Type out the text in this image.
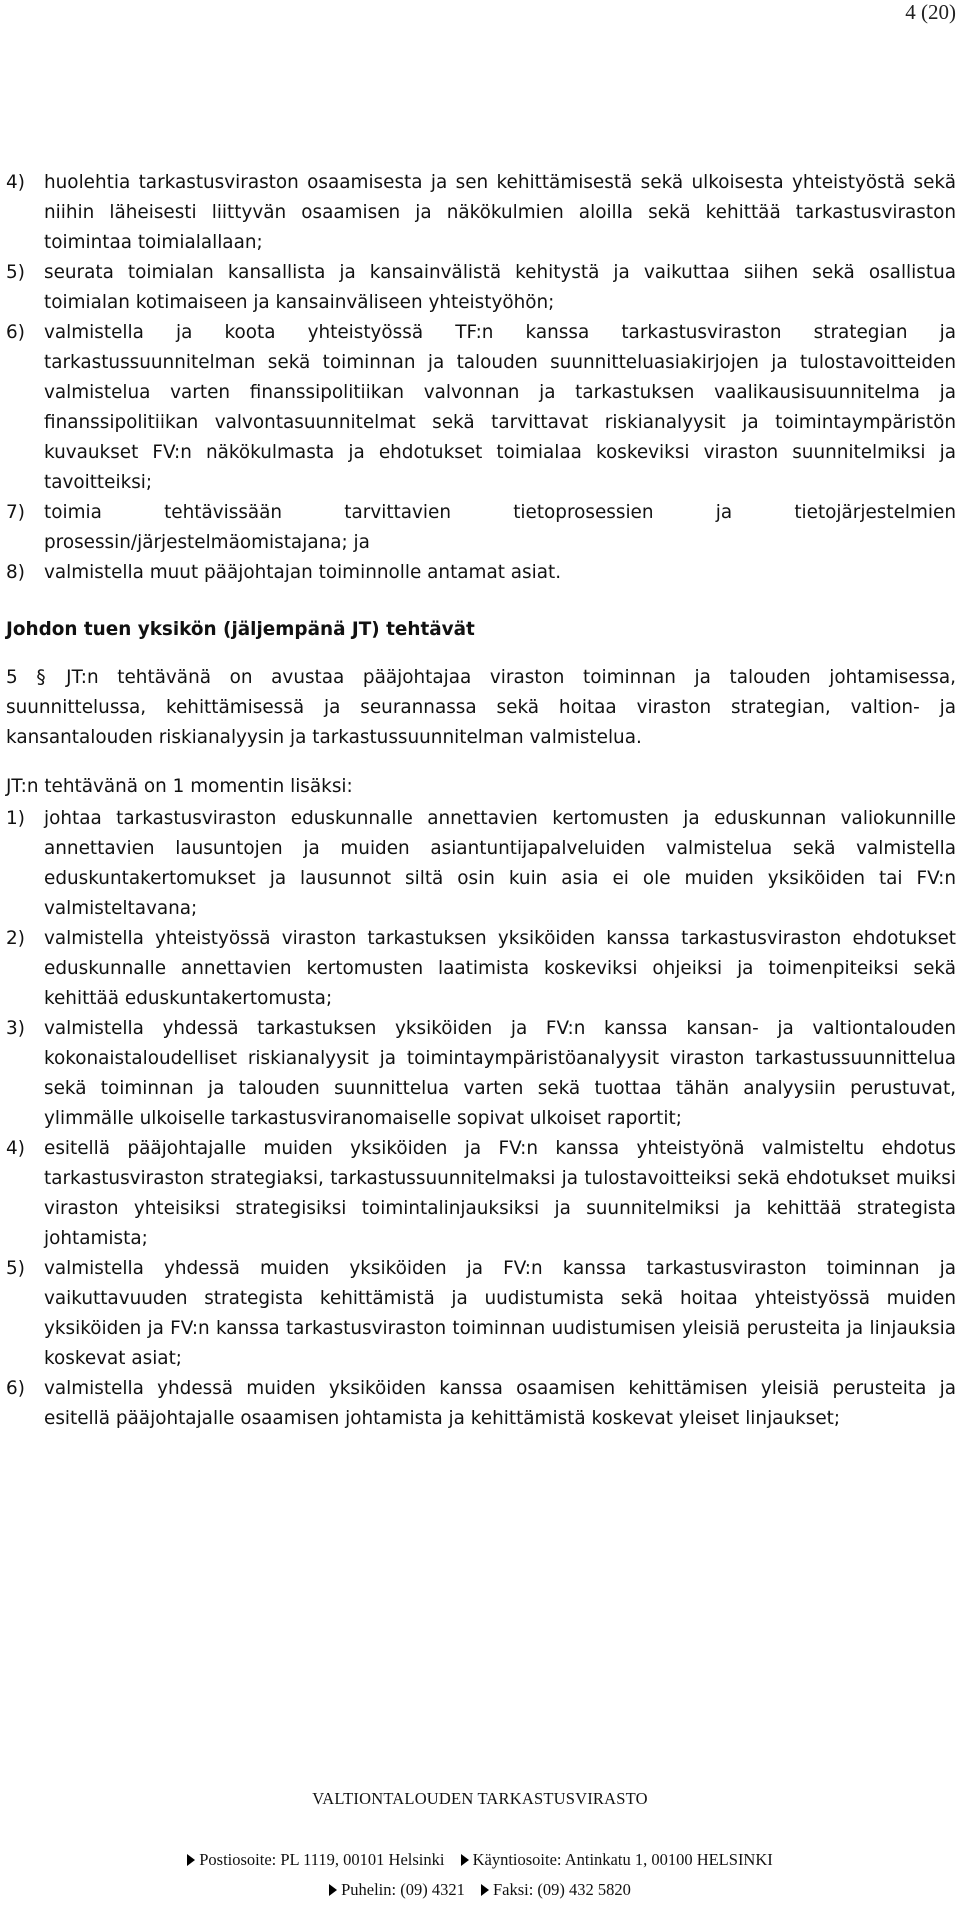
4 (20)
4) huolehtia tarkastusviraston osaamisesta ja sen kehittämisestä sekä ulkoisesta yhteistyöstä sekä niihin läheisesti liittyvän osaamisen ja näkökulmien aloilla sekä kehittää tarkastusviraston toimintaa toimialallaan;
5) seurata toimialan kansallista ja kansainvälistä kehitystä ja vaikuttaa siihen sekä osallistua toimialan kotimaiseen ja kansainväliseen yhteistyöhön;
6) valmistella ja koota yhteistyössä TF:n kanssa tarkastusviraston strategian ja tarkastussuunnitelman sekä toiminnan ja talouden suunnitteluasiakirjojen ja tulostavoitteiden valmistelua varten finanssipolitiikan valvonnan ja tarkastuksen vaalikausisuunnitelma ja finanssipolitiikan valvontasuunnitelmat sekä tarvittavat riskianalyysit ja toimintaympäristön kuvaukset FV:n näkökulmasta ja ehdotukset toimialaa koskeviksi viraston suunnitelmiksi ja tavoitteiksi;
7) toimia tehtävissään tarvittavien tietoprosessien ja tietojärjestelmien prosessin/järjestelmäomistajana; ja
8) valmistella muut pääjohtajan toiminnolle antamat asiat.
Johdon tuen yksikön (jäljempänä JT) tehtävät
5 § JT:n tehtävänä on avustaa pääjohtajaa viraston toiminnan ja talouden johtamisessa, suunnittelussa, kehittämisessä ja seurannassa sekä hoitaa viraston strategian, valtion- ja kansantalouden riskianalyysin ja tarkastussuunnitelman valmistelua.
JT:n tehtävänä on 1 momentin lisäksi:
1) johtaa tarkastusviraston eduskunnalle annettavien kertomusten ja eduskunnan valiokunnille annettavien lausuntojen ja muiden asiantuntijapalveluiden valmistelua sekä valmistella eduskuntakertomukset ja lausunnot siltä osin kuin asia ei ole muiden yksiköiden tai FV:n valmisteltavana;
2) valmistella yhteistyössä viraston tarkastuksen yksiköiden kanssa tarkastusviraston ehdotukset eduskunnalle annettavien kertomusten laatimista koskeviksi ohjeiksi ja toimenpiteiksi sekä kehittää eduskuntakertomusta;
3) valmistella yhdessä tarkastuksen yksiköiden ja FV:n kanssa kansan- ja valtiontalouden kokonaistaloudelliset riskianalyysit ja toimintaympäristöanalyysit viraston tarkastussuunnittelua sekä toiminnan ja talouden suunnittelua varten sekä tuottaa tähän analyysiin perustuvat, ylimmälle ulkoiselle tarkastusviranomaiselle sopivat ulkoiset raportit;
4) esitellä pääjohtajalle muiden yksiköiden ja FV:n kanssa yhteistyönä valmisteltu ehdotus tarkastusviraston strategiaksi, tarkastussuunnitelmaksi ja tulostavoitteiksi sekä ehdotukset muiksi viraston yhteisiksi strategisiksi toimintalinjauksiksi ja suunnitelmiksi ja kehittää strategista johtamista;
5) valmistella yhdessä muiden yksiköiden ja FV:n kanssa tarkastusviraston toiminnan ja vaikuttavuuden strategista kehittämistä ja uudistumista sekä hoitaa yhteistyössä muiden yksiköiden ja FV:n kanssa tarkastusviraston toiminnan uudistumisen yleisiä perusteita ja linjauksia koskevat asiat;
6) valmistella yhdessä muiden yksiköiden kanssa osaamisen kehittämisen yleisiä perusteita ja esitellä pääjohtajalle osaamisen johtamista ja kehittämistä koskevat yleiset linjaukset;
VALTIONTALOUDEN TARKASTUSVIRASTO
Postiosoite: PL 1119, 00101 Helsinki Käyntiosoite: Antinkatu 1, 00100 HELSINKI
Puhelin: (09) 4321 Faksi: (09) 432 5820
